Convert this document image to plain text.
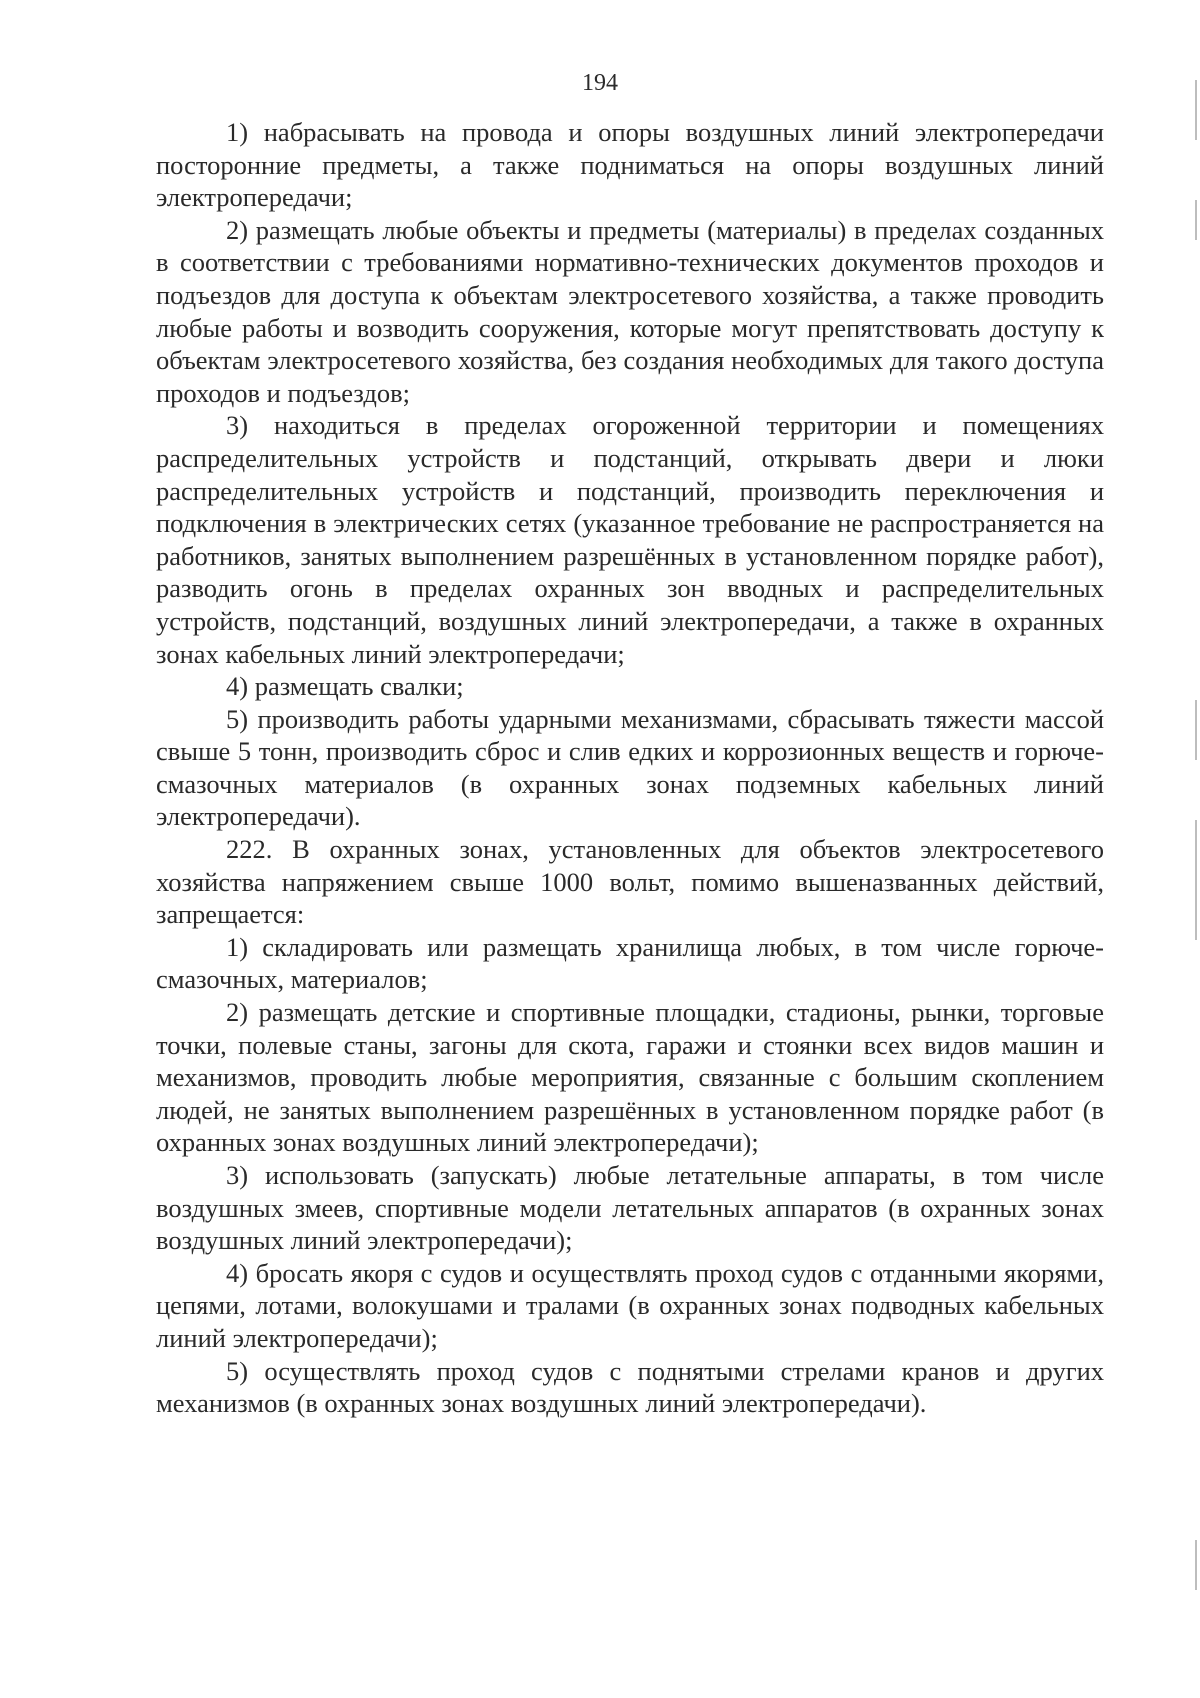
194

1) набрасывать на провода и опоры воздушных линий электропередачи посторонние предметы, а также подниматься на опоры воздушных линий электропередачи;

2) размещать любые объекты и предметы (материалы) в пределах созданных в соответствии с требованиями нормативно-технических документов проходов и подъездов для доступа к объектам электросетевого хозяйства, а также проводить любые работы и возводить сооружения, которые могут препятствовать доступу к объектам электросетевого хозяйства, без создания необходимых для такого доступа проходов и подъездов;

3) находиться в пределах огороженной территории и помещениях распределительных устройств и подстанций, открывать двери и люки распределительных устройств и подстанций, производить переключения и подключения в электрических сетях (указанное требование не распространяется на работников, занятых выполнением разрешённых в установленном порядке работ), разводить огонь в пределах охранных зон вводных и распределительных устройств, подстанций, воздушных линий электропередачи, а также в охранных зонах кабельных линий электропередачи;

4) размещать свалки;

5) производить работы ударными механизмами, сбрасывать тяжести массой свыше 5 тонн, производить сброс и слив едких и коррозионных веществ и горюче-смазочных материалов (в охранных зонах подземных кабельных линий электропередачи).

222. В охранных зонах, установленных для объектов электросетевого хозяйства напряжением свыше 1000 вольт, помимо вышеназванных действий, запрещается:

1) складировать или размещать хранилища любых, в том числе горюче-смазочных, материалов;

2) размещать детские и спортивные площадки, стадионы, рынки, торговые точки, полевые станы, загоны для скота, гаражи и стоянки всех видов машин и механизмов, проводить любые мероприятия, связанные с большим скоплением людей, не занятых выполнением разрешённых в установленном порядке работ (в охранных зонах воздушных линий электропередачи);

3) использовать (запускать) любые летательные аппараты, в том числе воздушных змеев, спортивные модели летательных аппаратов (в охранных зонах воздушных линий электропередачи);

4) бросать якоря с судов и осуществлять проход судов с отданными якорями, цепями, лотами, волокушами и тралами (в охранных зонах подводных кабельных линий электропередачи);

5) осуществлять проход судов с поднятыми стрелами кранов и других механизмов (в охранных зонах воздушных линий электропередачи).
